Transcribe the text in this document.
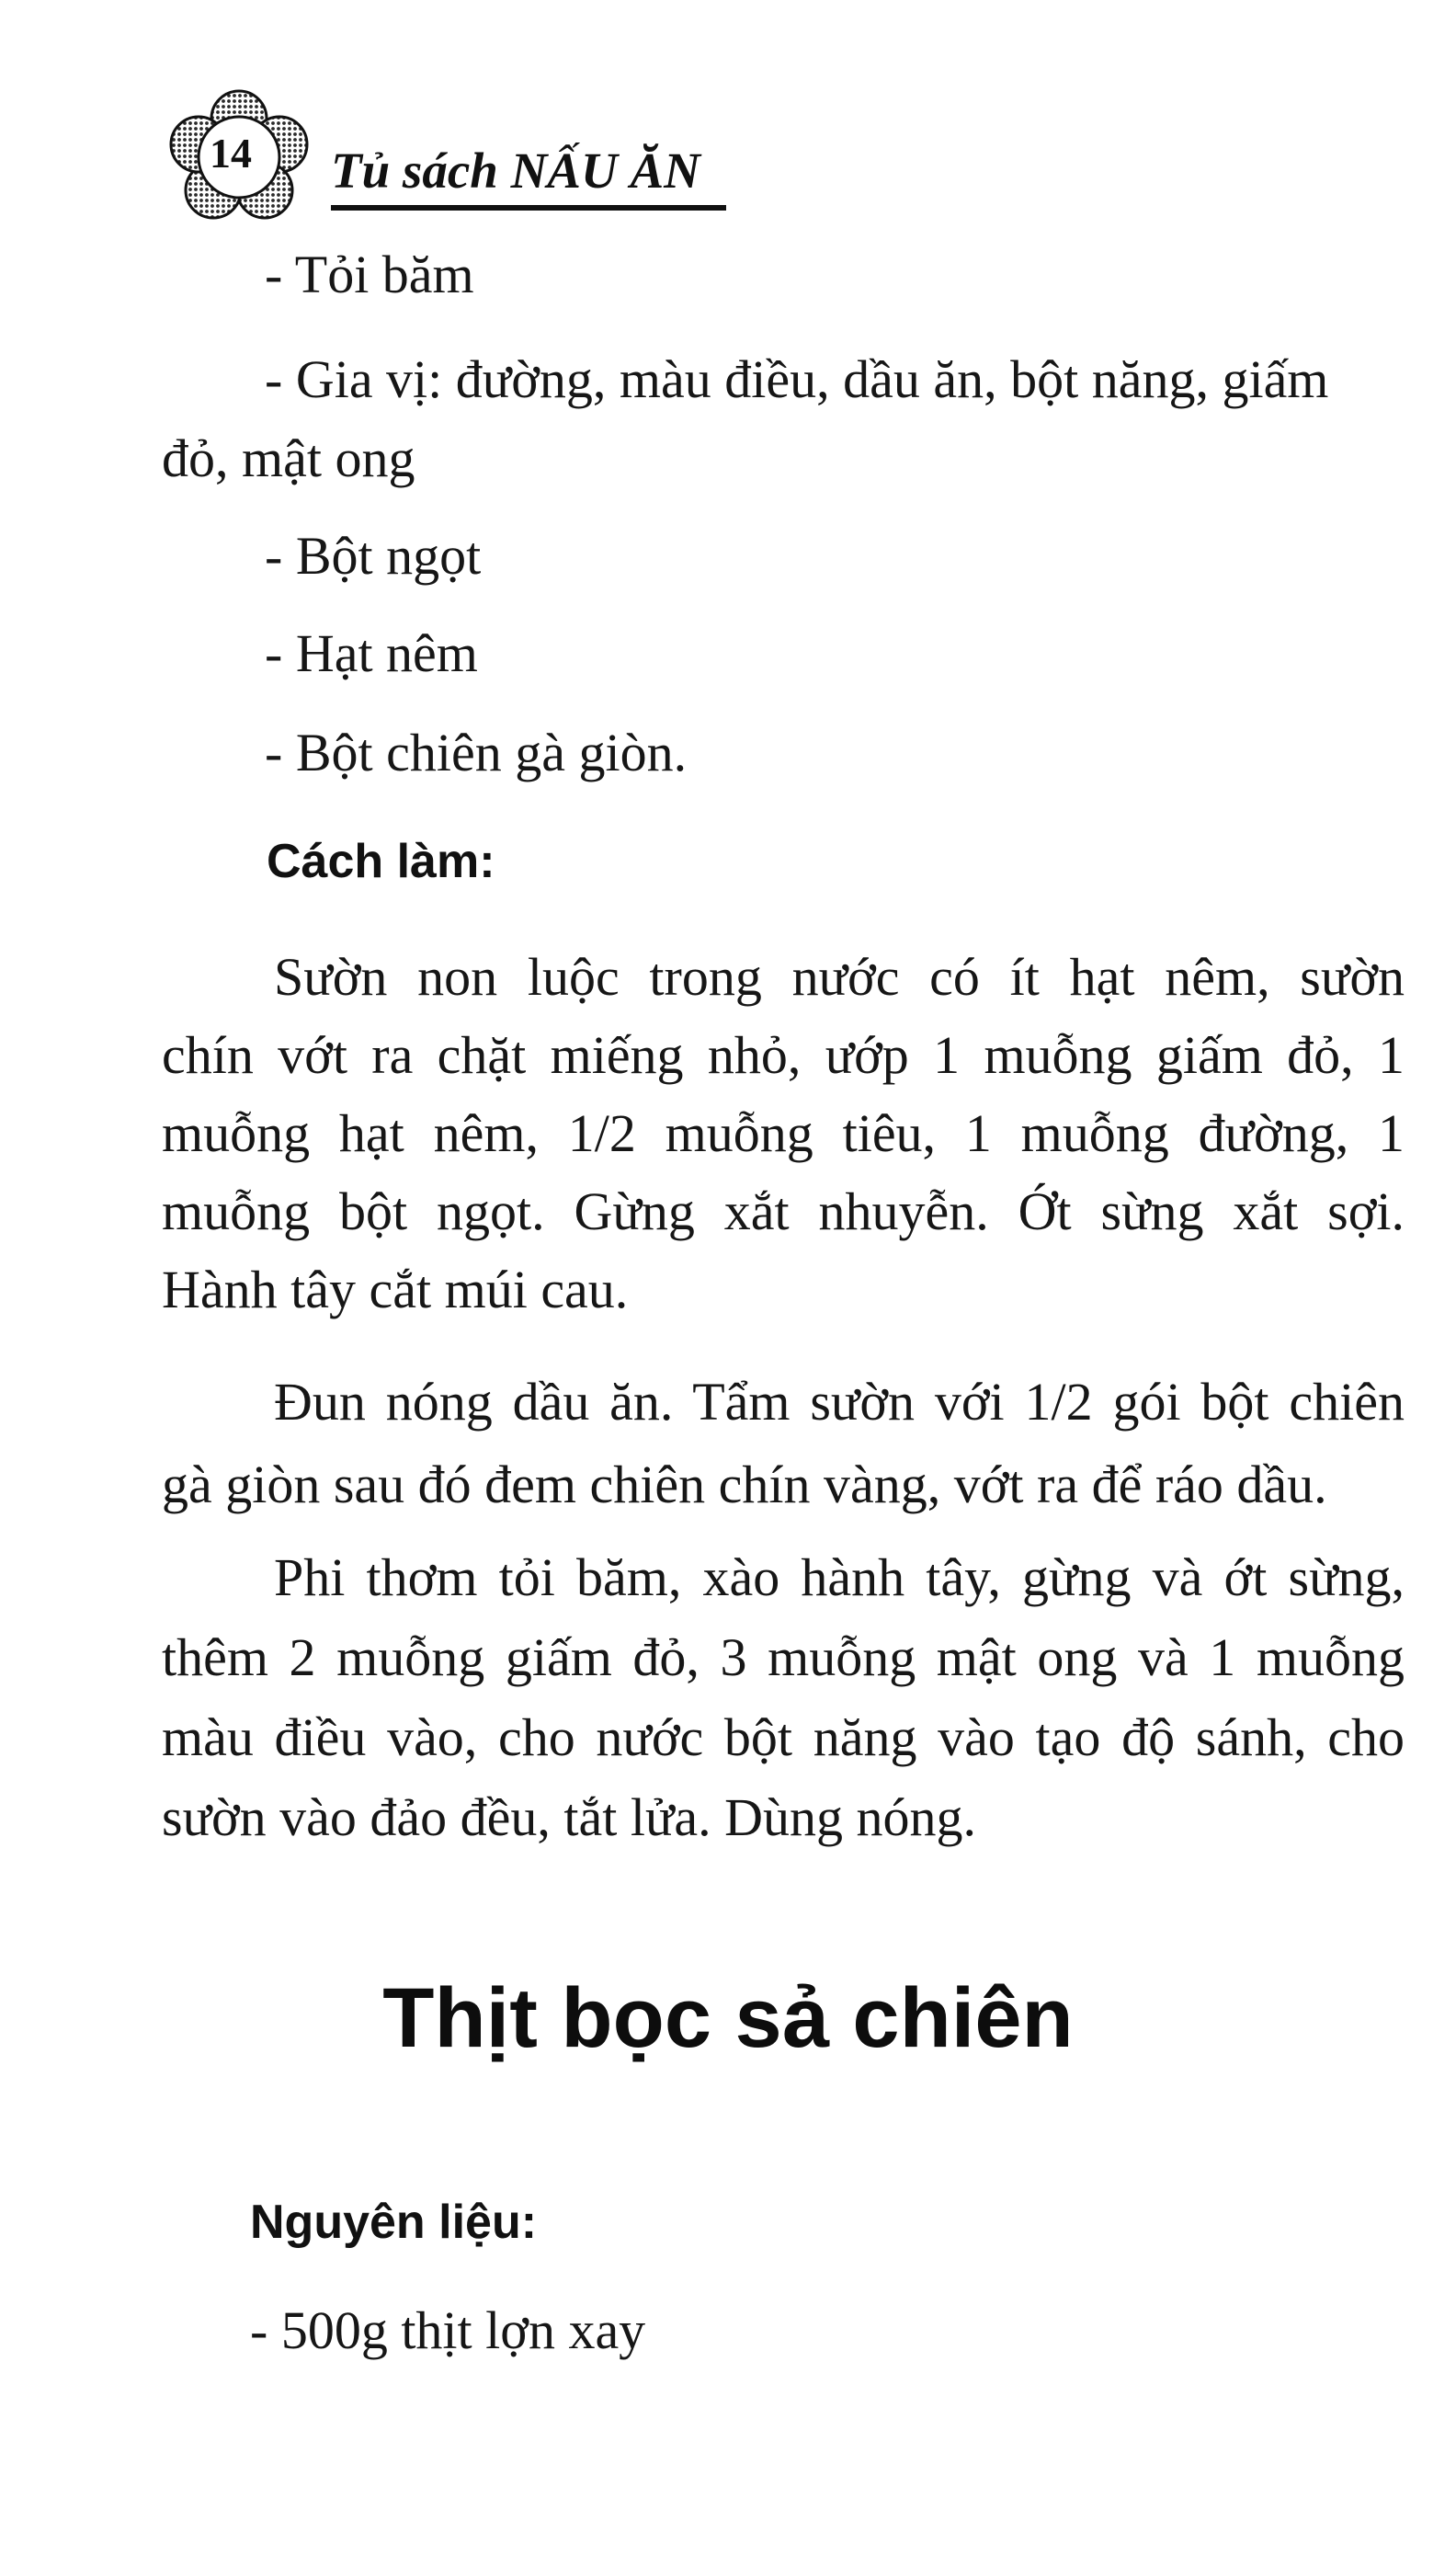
14	Tủ sách NẤU ĂN
- Tỏi băm
- Gia vị: đường, màu điều, dầu ăn, bột năng, giấm
đỏ, mật ong
- Bột ngọt
- Hạt nêm
- Bột chiên gà giòn.
Cách làm:
Sườn non luộc trong nước có ít hạt nêm, sườn
chín vớt ra chặt miếng nhỏ, ướp 1 muỗng giấm đỏ, 1
muỗng hạt nêm, 1/2 muỗng tiêu, 1 muỗng đường, 1
muỗng bột ngọt. Gừng xắt nhuyễn. Ớt sừng xắt sợi.
Hành tây cắt múi cau.
Đun nóng dầu ăn. Tẩm sườn với 1/2 gói bột chiên
gà giòn sau đó đem chiên chín vàng, vớt ra để ráo dầu.
Phi thơm tỏi băm, xào hành tây, gừng và ớt sừng,
thêm 2 muỗng giấm đỏ, 3 muỗng mật ong và 1 muỗng
màu điều vào, cho nước bột năng vào tạo độ sánh, cho
sườn vào đảo đều, tắt lửa. Dùng nóng.
Thịt bọc sả chiên
Nguyên liệu:
- 500g thịt lợn xay
